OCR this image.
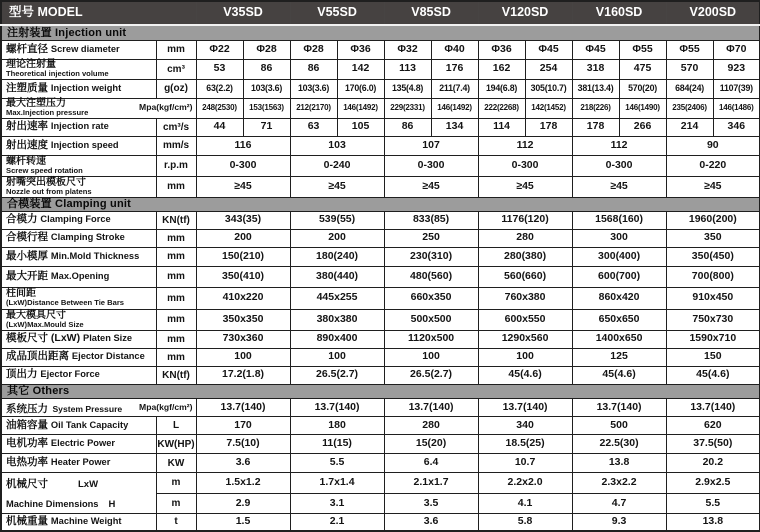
型号 MODEL		V35SD		V55SD		V85SD		V120SD		V160SD		V200SD	
注射装置 Injection unit													
螺杆直径 Screw diameter	mm	Φ22	Φ28	Φ28	Φ36	Φ32	Φ40	Φ36	Φ45	Φ45	Φ55	Φ55	Φ70

理论注射量
Theoretical injection volume	cm³	53	86	86	142	113	176	162	254	318	475	570	923
注塑质量 Injection weight	g(oz)	63(2.2)	103(3.6)	103(3.6)	170(6.0)	135(4.8)	211(7.4)	194(6.8)	305(10.7)	381(13.4)	570(20)	684(24)	1107(39)

最大注塑压力
Max.Injection pressure
Mpa(kgf/cm²)		248(2530)	153(1563)	212(2170)	146(1492)	229(2331)	146(1492)	222(2268)	142(1452)	218(226)	146(1490)	235(2406)	146(1486)
射出速率 Injection rate	cm³/s	44	71	63	105	86	134	114	178	178	266	214	346
射出速度 Injection speed	mm/s	116		103		107		112		112		90	

螺杆转速
Screw speed rotation	r.p.m	0-300		0-240		0-300		0-300		0-300		0-220	

射嘴突出模板尺寸
Nozzle out from platens	mm	≥45		≥45		≥45		≥45		≥45		≥45	
合模装置 Clamping unit													
合模力 Clamping Force	KN(tf)	343(35)		539(55)		833(85)		1176(120)		1568(160)		1960(200)	
合模行程 Clamping Stroke	mm	200		200		250		280		300		350	
最小模厚 Min.Mold Thickness	mm	150(210)		180(240)		230(310)		280(380)		300(400)		350(450)	
最大开距 Max.Opening	mm	350(410)		380(440)		480(560)		560(660)		600(700)		700(800)	

柱间距
(LxW)Distance Between Tie Bars	mm	410x220		445x255		660x350		760x380		860x420		910x450	

最大模具尺寸
(LxW)Max.Mould Size	mm	350x350		380x380		500x500		600x550		650x650		750x730	
模板尺寸 (LxW) Platen Size	mm	730x360		890x400		1120x500		1290x560		1400x650		1590x710	
成品顶出距离 Ejector Distance	mm	100		100		100		100		125		150	
顶出力 Ejector Force	KN(tf)	17.2(1.8)		26.5(2.7)		26.5(2.7)		45(4.6)		45(4.6)		45(4.6)	
其它 Others													

系统压力 System Pressure Mpa(kgf/cm²)		13.7(140)		13.7(140)		13.7(140)		13.7(140)		13.7(140)		13.7(140)	
油箱容量 Oil Tank Capacity	L	170		180		280		340		500		620	
电机功率 Electric Power	KW(HP)	7.5(10)		11(15)		15(20)		18.5(25)		22.5(30)		37.5(50)	
电热功率 Heater Power	KW	3.6		5.5		6.4		10.7		13.8		20.2	

机械尺寸 LxW
Machine Dimensions H	m	1.5x1.2		1.7x1.4		2.1x1.7		2.2x2.0		2.3x2.2		2.9x2.5	
	m	2.9		3.1		3.5		4.1		4.7		5.5	
机械重量 Machine Weight	t	1.5		2.1		3.6		5.8		9.3		13.8	
